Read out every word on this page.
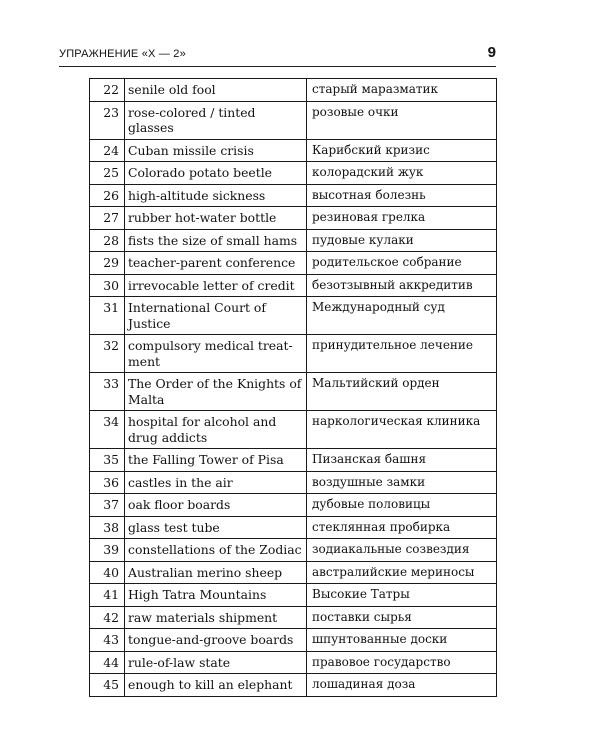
УПРАЖНЕНИЕ «X — 2»	9
22	senile old fool	старый маразматик
23	rose-colored / tinted glasses	розовые очки
24	Cuban missile crisis	Карибский кризис
25	Colorado potato beetle	колорадский жук
26	high-altitude sickness	высотная болезнь
27	rubber hot-water bottle	резиновая грелка
28	fists the size of small hams	пудовые кулаки
29	teacher-parent conference	родительское собрание
30	irrevocable letter of credit	безотзывный аккредитив
31	International Court of Justice	Международный суд
32	compulsory medical treat-ment	принудительное лечение
33	The Order of the Knights of Malta	Мальтийский орден
34	hospital for alcohol and drug addicts	наркологическая клиника
35	the Falling Tower of Pisa	Пизанская башня
36	castles in the air	воздушные замки
37	oak floor boards	дубовые половицы
38	glass test tube	стеклянная пробирка
39	constellations of the Zodiac	зодиакальные созвездия
40	Australian merino sheep	австралийские мериносы
41	High Tatra Mountains	Высокие Татры
42	raw materials shipment	поставки сырья
43	tongue-and-groove boards	шпунтованные доски
44	rule-of-law state	правовое государство
45	enough to kill an elephant	лошадиная доза
